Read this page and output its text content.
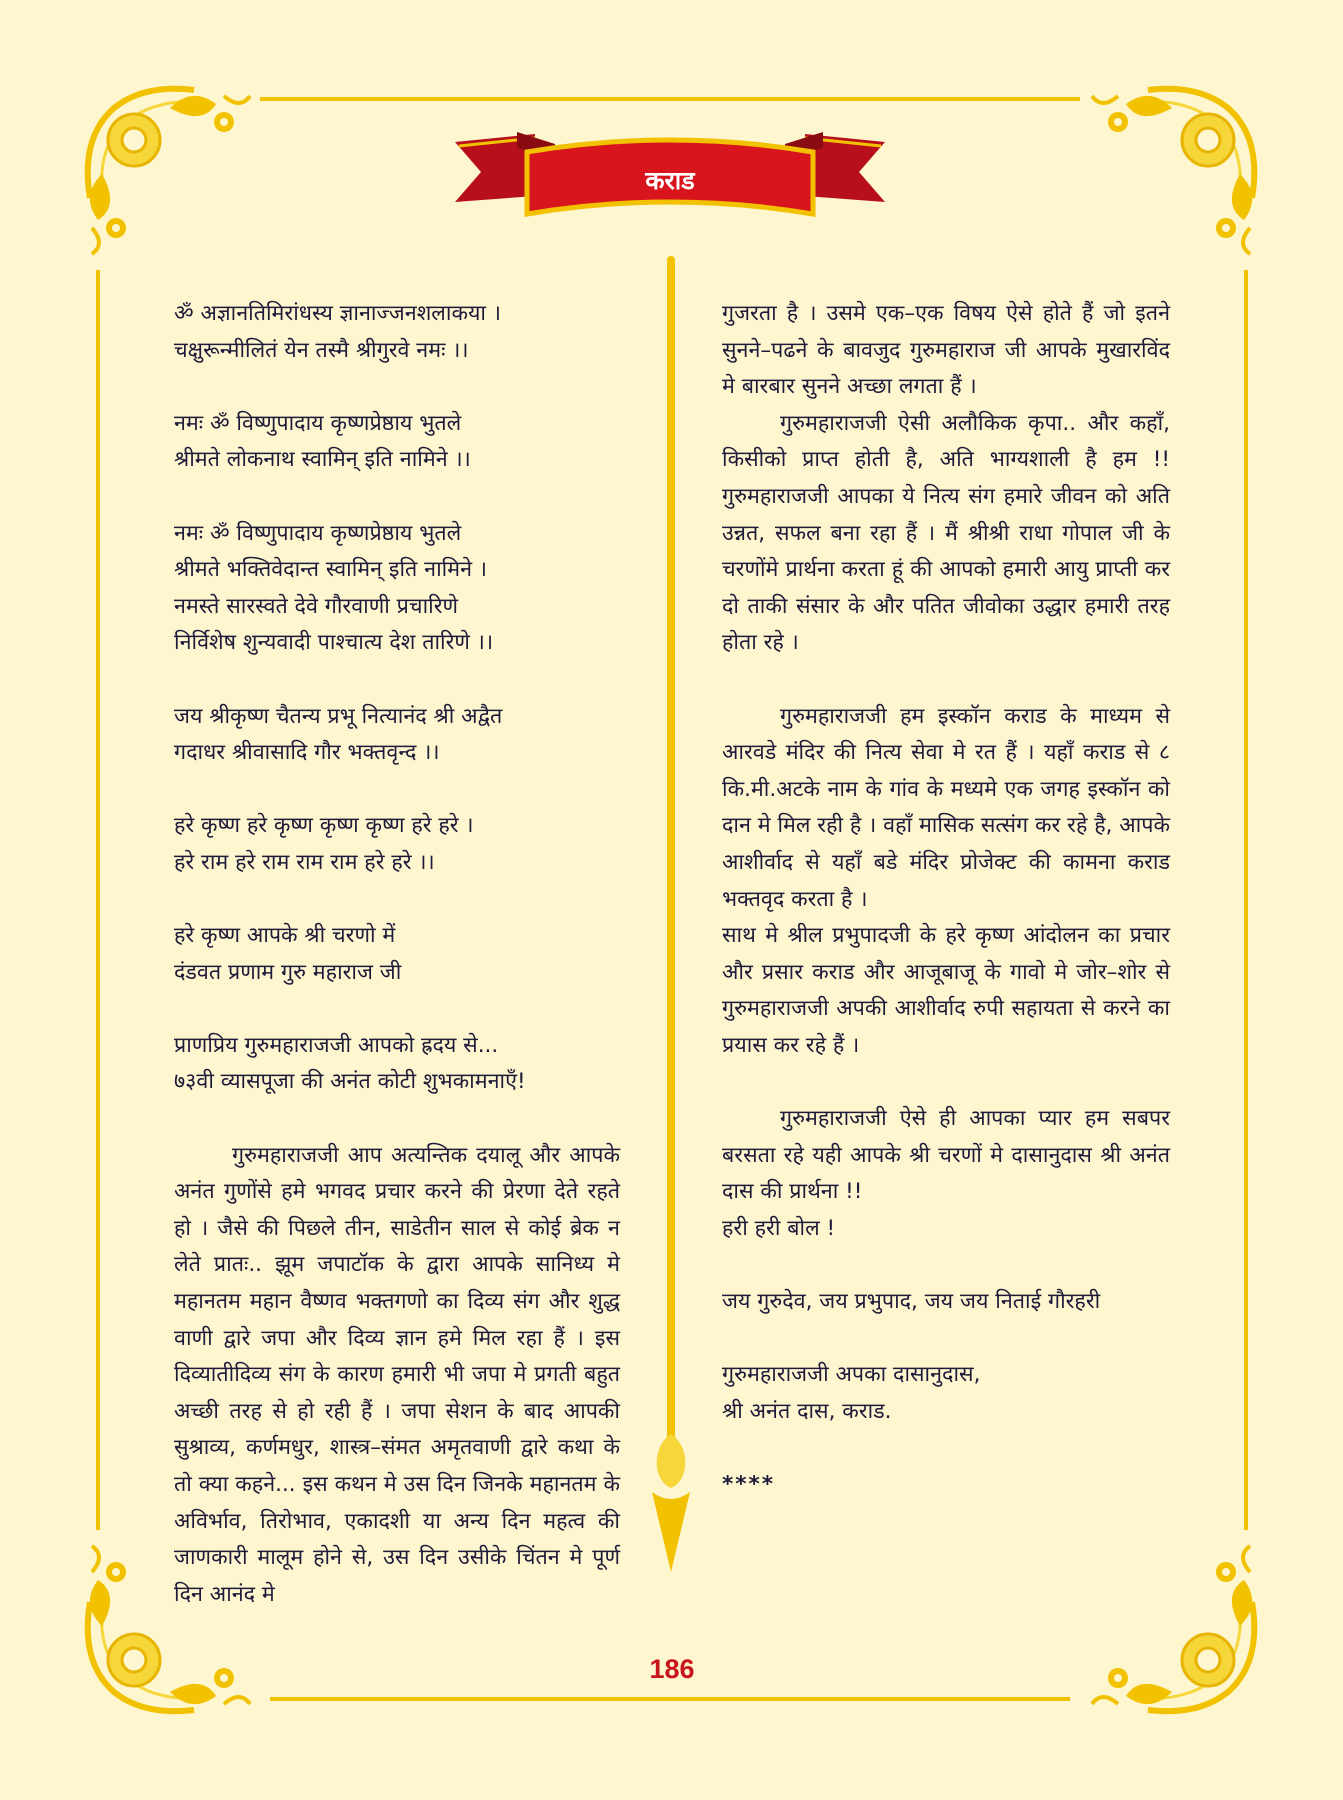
कराड

ॐ अज्ञानतिमिरांधस्य ज्ञानाज्जनशलाकया ।
चक्षुरून्मीलितं येन तस्मै श्रीगुरवे नमः ।।

नमः ॐ विष्णुपादाय कृष्णप्रेष्ठाय भुतले
श्रीमते लोकनाथ स्वामिन् इति नामिने ।।

नमः ॐ विष्णुपादाय कृष्णप्रेष्ठाय भुतले
श्रीमते भक्तिवेदान्त स्वामिन् इति नामिने ।
नमस्ते सारस्वते देवे गौरवाणी प्रचारिणे
निर्विशेष शुन्यवादी पाश्चात्य देश तारिणे ।।

जय श्रीकृष्ण चैतन्य प्रभू नित्यानंद श्री अद्वैत
गदाधर श्रीवासादि गौर भक्तवृन्द ।।

हरे कृष्ण हरे कृष्ण कृष्ण कृष्ण हरे हरे ।
हरे राम हरे राम राम राम हरे हरे ।।

हरे कृष्ण आपके श्री चरणो में
दंडवत प्रणाम गुरु महाराज जी

प्राणप्रिय गुरुमहाराजजी आपको ह्रदय से...
७३वी व्यासपूजा की अनंत कोटी शुभकामनाएँ!

गुरुमहाराजजी आप अत्यन्तिक दयालू और आपके अनंत गुणोंसे हमे भगवद प्रचार करने की प्रेरणा देते रहते हो । जैसे की पिछले तीन, साडेतीन साल से कोई ब्रेक न लेते प्रातः.. झूम जपाटॉक के द्वारा आपके सानिध्य मे महानतम महान वैष्णव भक्तगणो का दिव्य संग और शुद्ध वाणी द्वारे जपा और दिव्य ज्ञान हमे मिल रहा हैं । इस दिव्यातीदिव्य संग के कारण हमारी भी जपा मे प्रगती बहुत अच्छी तरह से हो रही हैं । जपा सेशन के बाद आपकी सुश्राव्य, कर्णमधुर, शास्त्र–संमत अमृतवाणी द्वारे कथा के तो क्या कहने... इस कथन मे उस दिन जिनके महानतम के अविर्भाव, तिरोभाव, एकादशी या अन्य दिन महत्व की जाणकारी मालूम होने से, उस दिन उसीके चिंतन मे पूर्ण दिन आनंद मे

गुजरता है । उसमे एक–एक विषय ऐसे होते हैं जो इतने सुनने–पढने के बावजुद गुरुमहाराज जी आपके मुखारविंद मे बारबार सुनने अच्छा लगता हैं ।

गुरुमहाराजजी ऐसी अलौकिक कृपा.. और कहाँ, किसीको प्राप्त होती है, अति भाग्यशाली है हम !! गुरुमहाराजजी आपका ये नित्य संग हमारे जीवन को अति उन्नत, सफल बना रहा हैं । मैं श्रीश्री राधा गोपाल जी के चरणोंमे प्रार्थना करता हूं की आपको हमारी आयु प्राप्ती कर दो ताकी संसार के और पतित जीवोका उद्धार हमारी तरह होता रहे ।

गुरुमहाराजजी हम इस्कॉन कराड के माध्यम से आरवडे मंदिर की नित्य सेवा मे रत हैं । यहाँ कराड से ८ कि.मी.अटके नाम के गांव के मध्यमे एक जगह इस्कॉन को दान मे मिल रही है । वहाँ मासिक सत्संग कर रहे है, आपके आशीर्वाद से यहाँ बडे मंदिर प्रोजेक्ट की कामना कराड भक्तवृद करता है ।

साथ मे श्रील प्रभुपादजी के हरे कृष्ण आंदोलन का प्रचार और प्रसार कराड और आजूबाजू के गावो मे जोर–शोर से गुरुमहाराजजी अपकी आशीर्वाद रुपी सहायता से करने का प्रयास कर रहे हैं ।

गुरुमहाराजजी ऐसे ही आपका प्यार हम सबपर बरसता रहे यही आपके श्री चरणों मे दासानुदास श्री अनंत दास की प्रार्थना !!

हरी हरी बोल !

जय गुरुदेव, जय प्रभुपाद, जय जय निताई गौरहरी

गुरुमहाराजजी अपका दासानुदास,

श्री अनंत दास, कराड.

****

186
